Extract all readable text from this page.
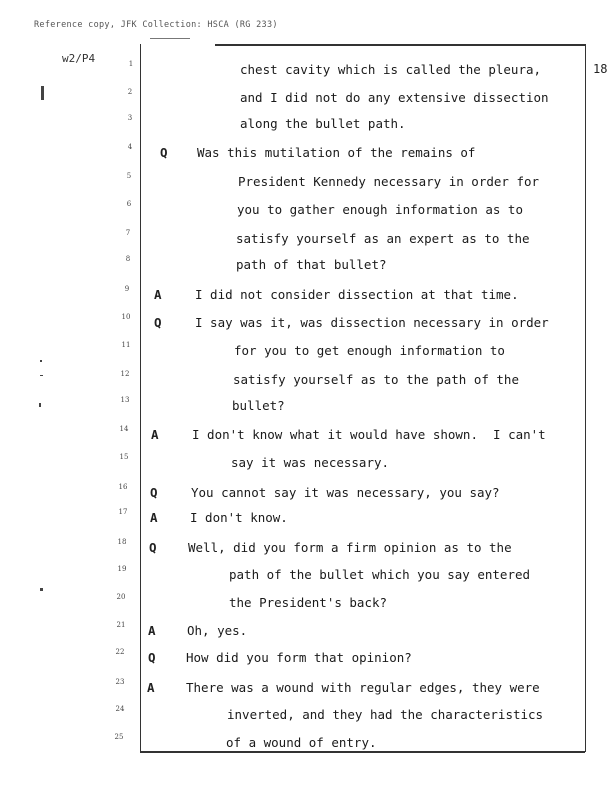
Reference copy, JFK Collection: HSCA (RG 233)
w2/P4
18
1	chest cavity which is called the pleura,
2	and I did not do any extensive dissection
3	along the bullet path.
4	Q Was this mutilation of the remains of
5	President Kennedy necessary in order for
6	you to gather enough information as to
7	satisfy yourself as an expert as to the
8	path of that bullet?
9	A	I did not consider dissection at that time.
10	Q	I say was it, was dissection necessary in order
11	for you to get enough information to
12	satisfy yourself as to the path of the
13	bullet?
14	A	I don't know what it would have shown.  I can't
15	say it was necessary.
16	Q	You cannot say it was necessary, you say?
17	A	I don't know.
18	Q	Well, did you form a firm opinion as to the
19	path of the bullet which you say entered
20	the President's back?
21	A	Oh, yes.
22	Q How did you form that opinion?
23	A	There was a wound with regular edges, they were
24	inverted, and they had the characteristics
25	of a wound of entry.
